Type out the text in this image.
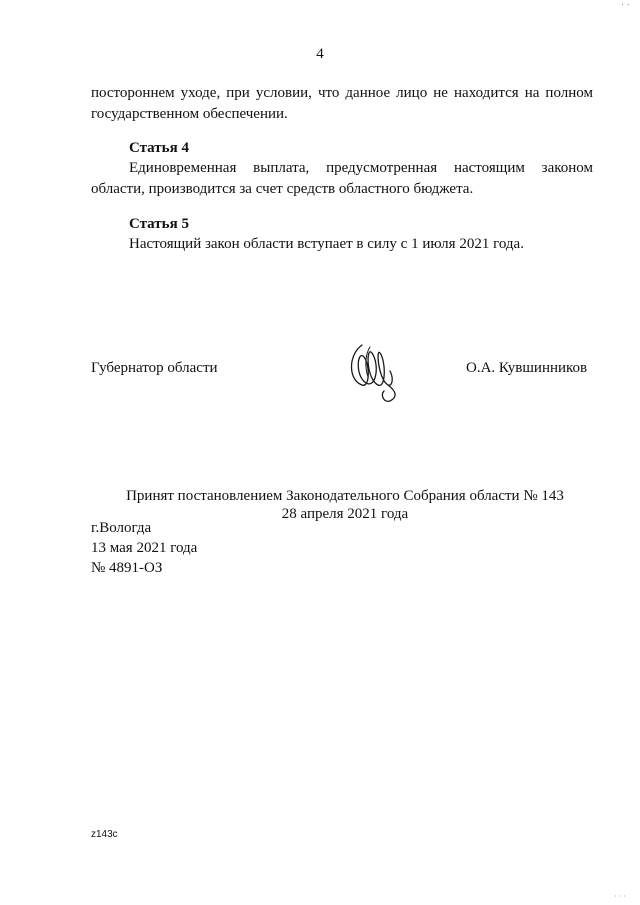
· ·
4
постороннем уходе, при условии, что данное лицо не находится на полном
государственном обеспечении.
Статья 4
Единовременная выплата, предусмотренная настоящим законом
области, производится за счет средств областного бюджета.
Статья 5
Настоящий закон области вступает в силу с 1 июля 2021 года.
Губернатор области	О.А. Кувшинников
Принят постановлением Законодательного Собрания области № 143
28 апреля 2021 года
г.Вологда
13 мая 2021 года
№ 4891-ОЗ
z143c
· · ·
